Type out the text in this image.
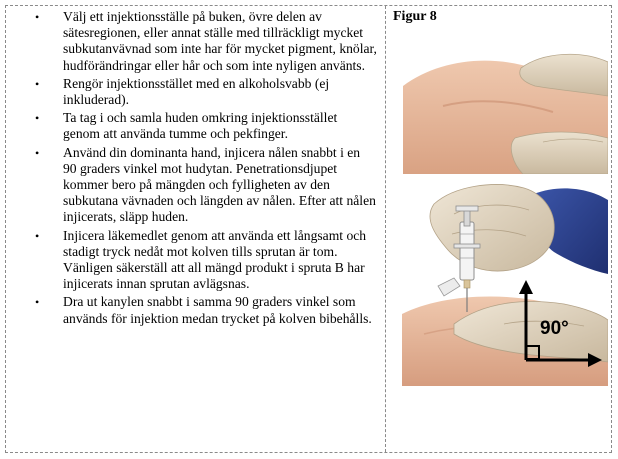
• Välj ett injektionsställe på buken, övre delen av sätesregionen, eller annat ställe med tillräckligt mycket subkutanvävnad som inte har för mycket pigment, knölar, hudförändringar eller hår och som inte nyligen använts.
• Rengör injektionsstället med en alkoholsvabb (ej inkluderad).
• Ta tag i och samla huden omkring injektionsstället genom att använda tumme och pekfinger.
• Använd din dominanta hand, injicera nålen snabbt i en 90 graders vinkel mot hudytan. Penetrationsdjupet kommer bero på mängden och fylligheten av den subkutana vävnaden och längden av nålen. Efter att nålen injicerats, släpp huden.
• Injicera läkemedlet genom att använda ett långsamt och stadigt tryck nedåt mot kolven tills sprutan är tom. Vänligen säkerställ att all mängd produkt i spruta B har injicerats innan sprutan avlägsnas.
• Dra ut kanylen snabbt i samma 90 graders vinkel som används för injektion medan trycket på kolven bibehålls.
Figur 8
90°
